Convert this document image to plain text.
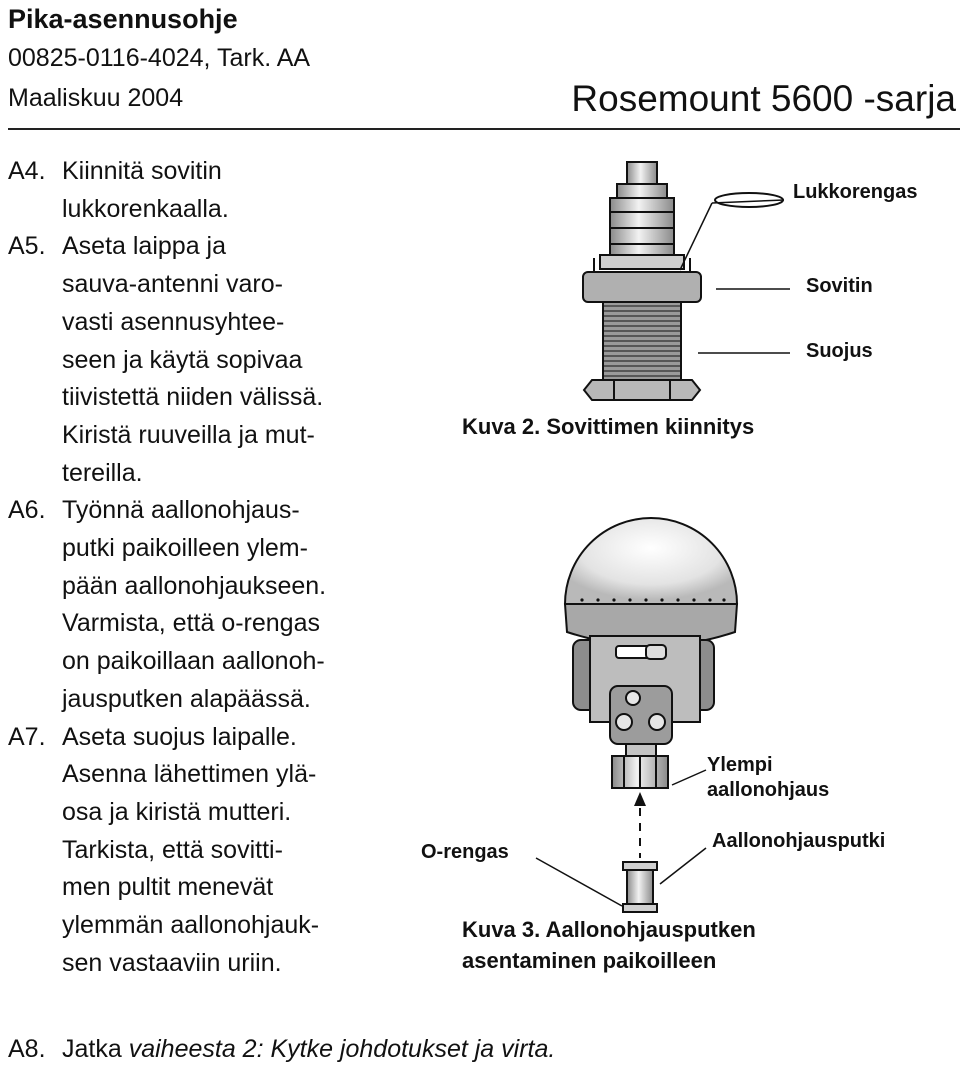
Pika-asennusohje
00825-0116-4024, Tark. AA
Maaliskuu 2004	Rosemount 5600 -sarja
A4. Kiinnitä sovitin
lukkorenkaalla.
A5. Aseta laippa ja
sauva-antenni varo-
vasti asennusyhtee-
seen ja käytä sopivaa
tiivistettä niiden välissä.
Kiristä ruuveilla ja mut-
tereilla.
A6. Työnnä aallonohjaus-
putki paikoilleen ylem-
pään aallonohjaukseen.
Varmista, että o-rengas
on paikoillaan aallonoh-
jausputken alapäässä.
A7. Aseta suojus laipalle.
Asenna lähettimen ylä-
osa ja kiristä mutteri.
Tarkista, että sovitti-
men pultit menevät
ylemmän aallonohjauk-
sen vastaaviin uriin.
A8. Jatka vaiheesta 2: Kytke johdotukset ja virta.
Lukkorengas
Sovitin
Suojus
Kuva 2. Sovittimen kiinnitys
Ylempi
aallonohjaus
Aallonohjausputki
O-rengas
Kuva 3. Aallonohjausputken
asentaminen paikoilleen
